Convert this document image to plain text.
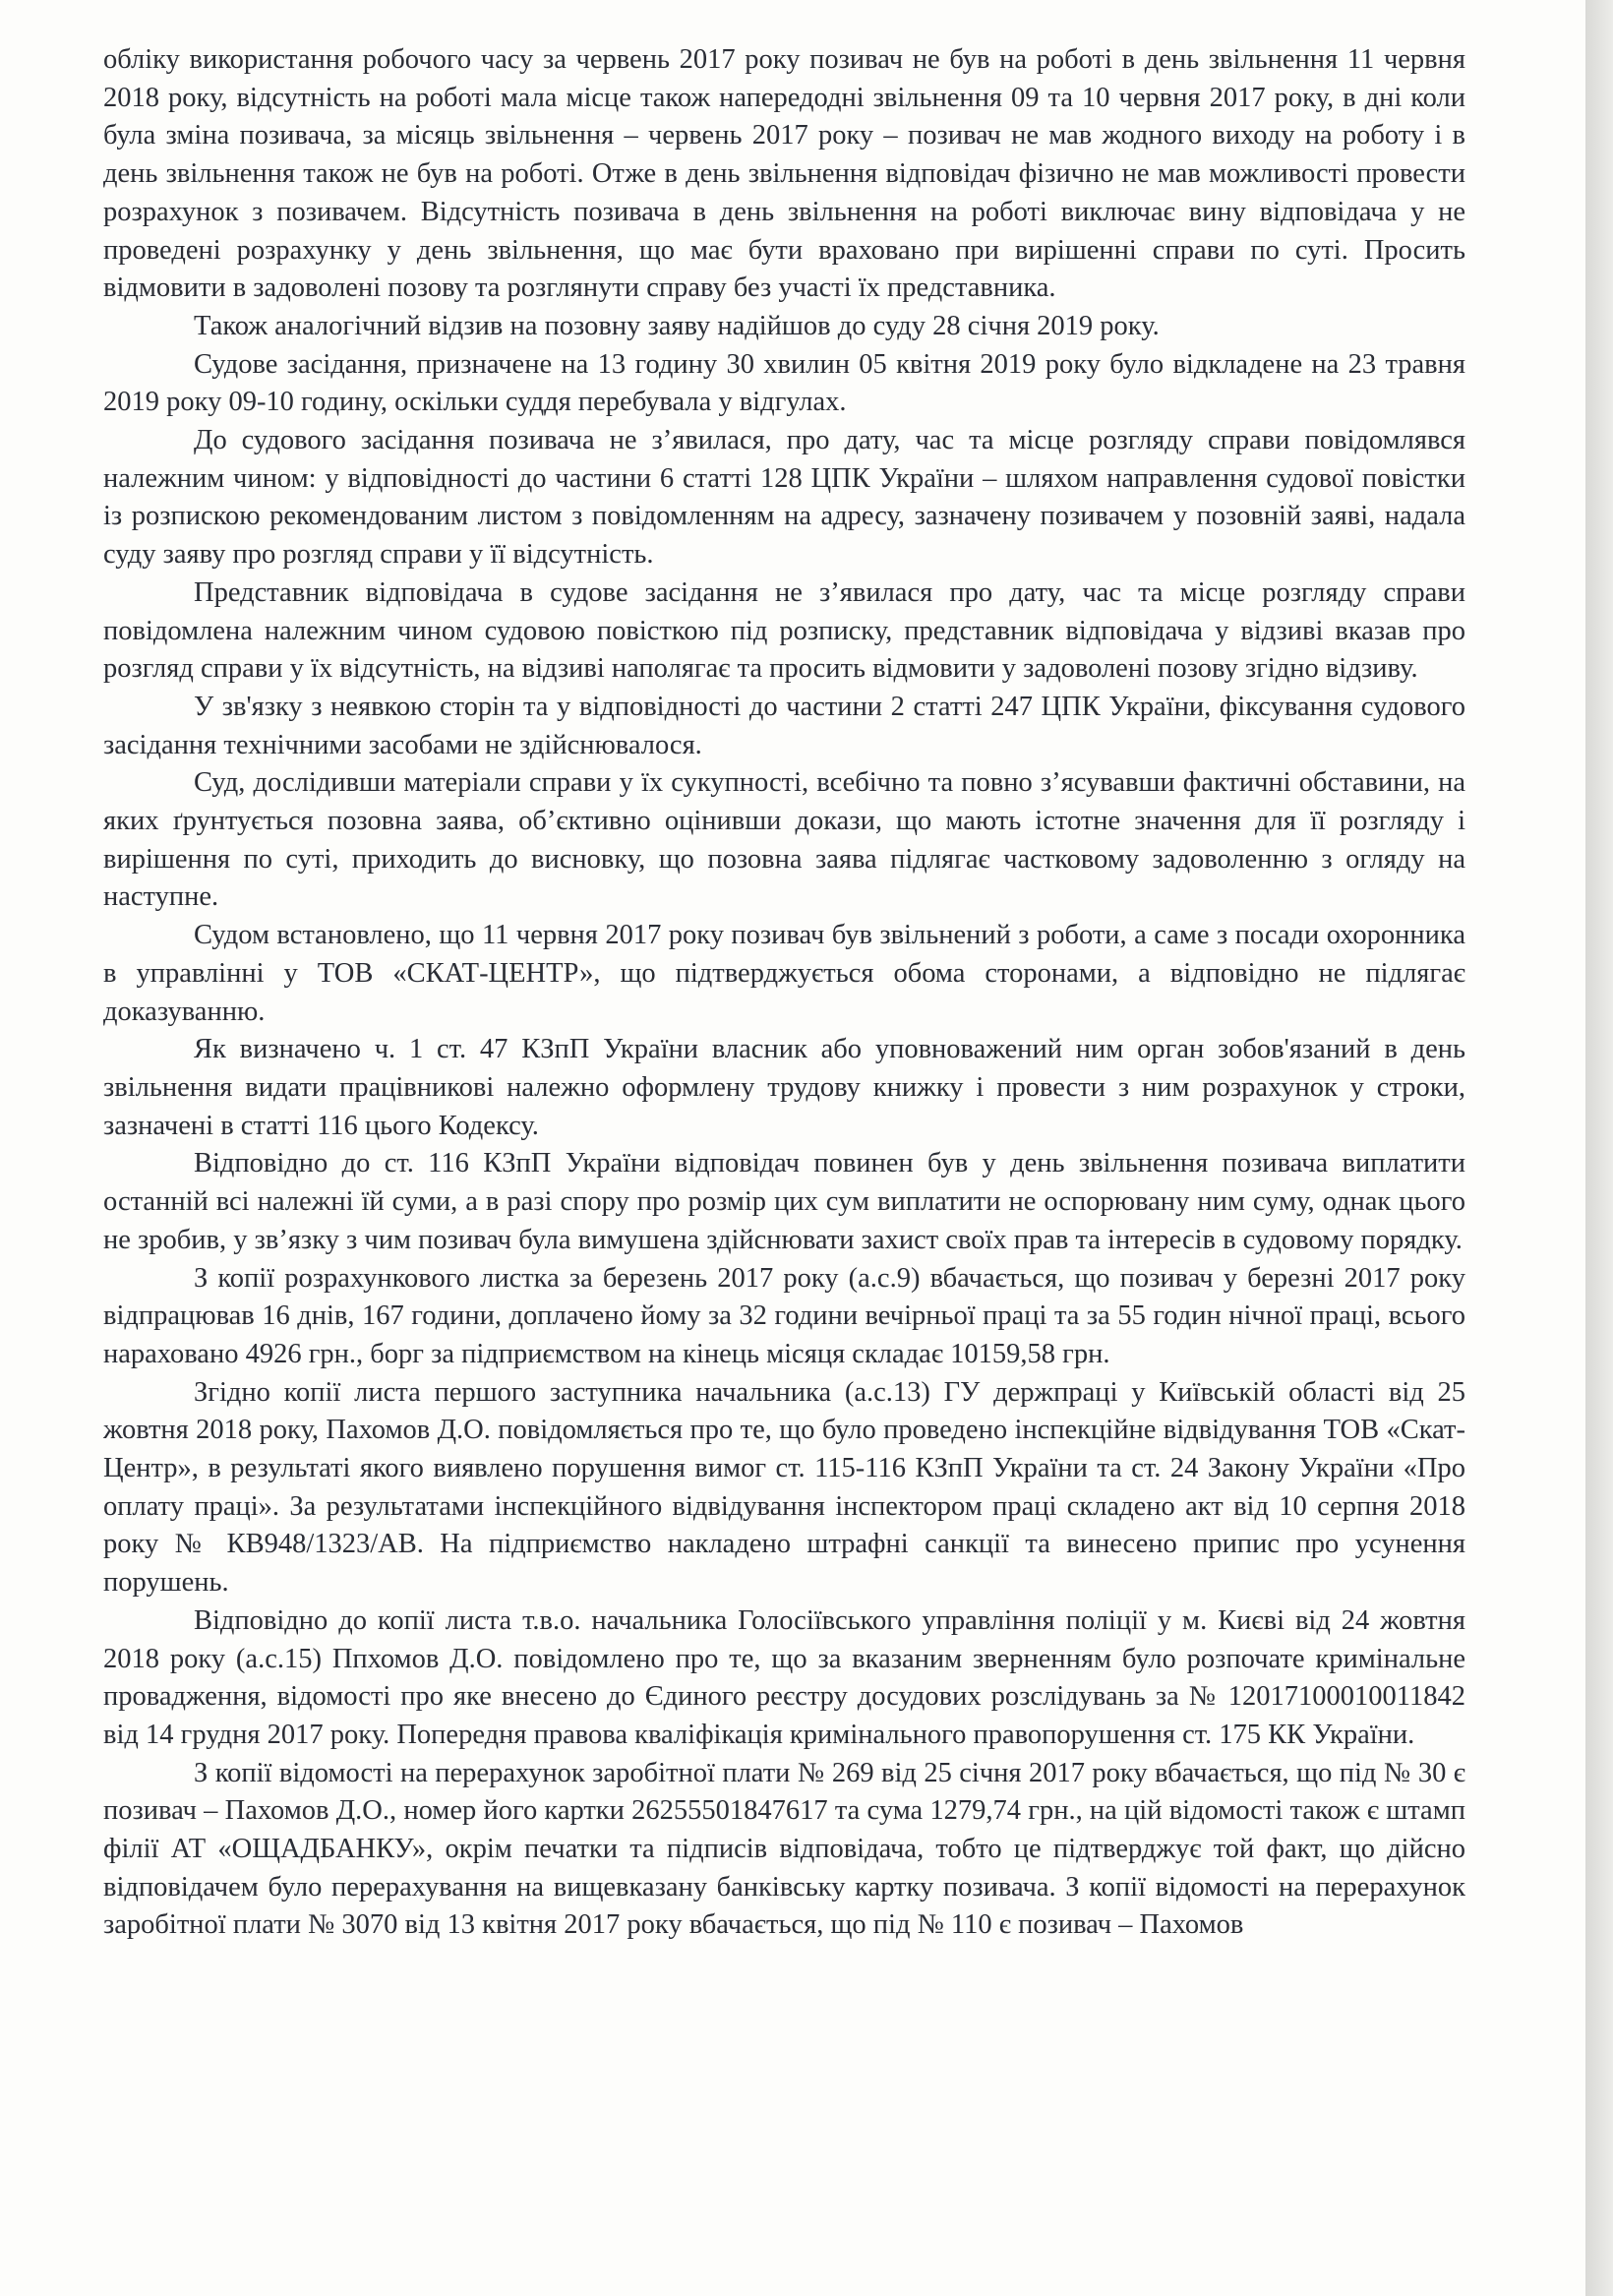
обліку використання робочого часу за червень 2017 року позивач не був на роботі в день звільнення 11 червня 2018 року, відсутність на роботі мала місце також напередодні звільнення 09 та 10 червня 2017 року, в дні коли була зміна позивача, за місяць звільнення – червень 2017 року – позивач не мав жодного виходу на роботу і в день звільнення також не був на роботі. Отже в день звільнення відповідач фізично не мав можливості провести розрахунок з позивачем. Відсутність позивача в день звільнення на роботі виключає вину відповідача у не проведені розрахунку у день звільнення, що має бути враховано при вирішенні справи по суті. Просить відмовити в задоволені позову та розглянути справу без участі їх представника.

Також аналогічний відзив на позовну заяву надійшов до суду 28 січня 2019 року.

Судове засідання, призначене на 13 годину 30 хвилин 05 квітня 2019 року було відкладене на 23 травня 2019 року 09-10 годину, оскільки суддя перебувала у відгулах.

До судового засідання позивача не з’явилася, про дату, час та місце розгляду справи повідомлявся належним чином: у відповідності до частини 6 статті 128 ЦПК України – шляхом направлення судової повістки із розпискою рекомендованим листом з повідомленням на адресу, зазначену позивачем у позовній заяві, надала суду заяву про розгляд справи у її відсутність.

Представник відповідача в судове засідання не з’явилася про дату, час та місце розгляду справи повідомлена належним чином судовою повісткою під розписку, представник відповідача у відзиві вказав про розгляд справи у їх відсутність, на відзиві наполягає та просить відмовити у задоволені позову згідно відзиву.

У зв'язку з неявкою сторін та у відповідності до частини 2 статті 247 ЦПК України, фіксування судового засідання технічними засобами не здійснювалося.

Суд, дослідивши матеріали справи у їх сукупності, всебічно та повно з’ясувавши фактичні обставини, на яких ґрунтується позовна заява, об’єктивно оцінивши докази, що мають істотне значення для її розгляду і вирішення по суті, приходить до висновку, що позовна заява підлягає частковому задоволенню з огляду на наступне.

Судом встановлено, що 11 червня 2017 року позивач був звільнений з роботи, а саме з посади охоронника в управлінні у ТОВ «СКАТ-ЦЕНТР», що підтверджується обома сторонами, а відповідно не підлягає доказуванню.

Як визначено ч. 1 ст. 47 КЗпП України власник або уповноважений ним орган зобов'язаний в день звільнення видати працівникові належно оформлену трудову книжку і провести з ним розрахунок у строки, зазначені в статті 116 цього Кодексу.

Відповідно до ст. 116 КЗпП України відповідач повинен був у день звільнення позивача виплатити останній всі належні їй суми, а в разі спору про розмір цих сум виплатити не оспорювану ним суму, однак цього не зробив, у зв’язку з чим позивач була вимушена здійснювати захист своїх прав та інтересів в судовому порядку.

З копії розрахункового листка за березень 2017 року (а.с.9) вбачається, що позивач у березні 2017 року відпрацював 16 днів, 167 години, доплачено йому за 32 години вечірньої праці та за 55 годин нічної праці, всього нараховано 4926 грн., борг за підприємством на кінець місяця складає 10159,58 грн.

Згідно копії листа першого заступника начальника (а.с.13) ГУ держпраці у Київській області від 25 жовтня 2018 року, Пахомов Д.О. повідомляється про те, що було проведено інспекційне відвідування ТОВ «Скат-Центр», в результаті якого виявлено порушення вимог ст. 115-116 КЗпП України та ст. 24 Закону України «Про оплату праці». За результатами інспекційного відвідування інспектором праці складено акт від 10 серпня 2018 року № КВ948/1323/АВ. На підприємство накладено штрафні санкції та винесено припис про усунення порушень.

Відповідно до копії листа т.в.о. начальника Голосіївського управління поліції у м. Києві від 24 жовтня 2018 року (а.с.15) Ппхомов Д.О. повідомлено про те, що за вказаним зверненням було розпочате кримінальне провадження, відомості про яке внесено до Єдиного реєстру досудових розслідувань за № 12017100010011842 від 14 грудня 2017 року. Попередня правова кваліфікація кримінального правопорушення ст. 175 КК України.

З копії відомості на перерахунок заробітної плати № 269 від 25 січня 2017 року вбачається, що під № 30 є позивач – Пахомов Д.О., номер його картки 26255501847617 та сума 1279,74 грн., на цій відомості також є штамп філії АТ «ОЩАДБАНКУ», окрім печатки та підписів відповідача, тобто це підтверджує той факт, що дійсно відповідачем було перерахування на вищевказану банківську картку позивача. З копії відомості на перерахунок заробітної плати № 3070 від 13 квітня 2017 року вбачається, що під № 110 є позивач – Пахомов
